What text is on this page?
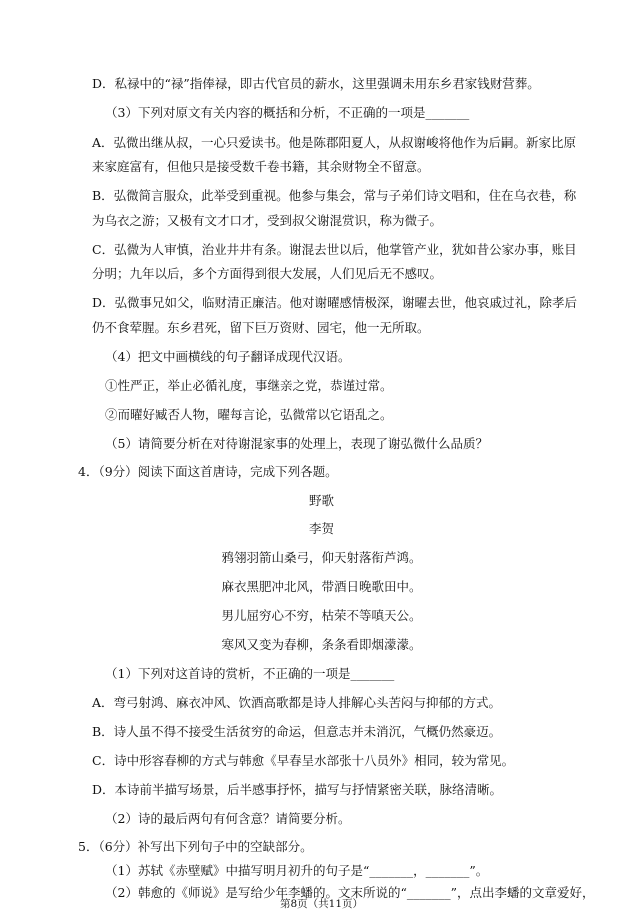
D．私禄中的“禄”指俸禄，即古代官员的薪水，这里强调未用东乡君家钱财营葬。
（3）下列对原文有关内容的概括和分析，不正确的一项是_______
A．弘微出继从叔，一心只爱读书。他是陈郡阳夏人，从叔谢峻将他作为后嗣。新家比原
来家庭富有，但他只是接受数千卷书籍，其余财物全不留意。
B．弘微简言服众，此举受到重视。他参与集会，常与子弟们诗文唱和，住在乌衣巷，称
为乌衣之游；又极有文才口才，受到叔父谢混赏识，称为微子。
C．弘微为人审慎，治业井井有条。谢混去世以后，他掌管产业，犹如昔公家办事，账目
分明；九年以后，多个方面得到很大发展，人们见后无不感叹。
D．弘微事兄如父，临财清正廉洁。他对谢曜感情极深，谢曜去世，他哀戚过礼，除孝后
仍不食荤腥。东乡君死，留下巨万资财、园宅，他一无所取。
（4）把文中画横线的句子翻译成现代汉语。
①性严正，举止必循礼度，事继亲之党，恭谨过常。
②而曜好臧否人物，曜每言论，弘微常以它语乱之。
（5）请简要分析在对待谢混家事的处理上，表现了谢弘微什么品质？
4．（9分）阅读下面这首唐诗，完成下列各题。
野歌
李贺
鸦翎羽箭山桑弓，仰天射落衔芦鸿。
麻衣黑肥冲北风，带酒日晚歌田中。
男儿屈穷心不穷，枯荣不等嗔天公。
寒风又变为春柳，条条看即烟濛濛。
（1）下列对这首诗的赏析，不正确的一项是_______
A．弯弓射鸿、麻衣冲风、饮酒高歌都是诗人排解心头苦闷与抑郁的方式。
B．诗人虽不得不接受生活贫穷的命运，但意志并未消沉，气概仍然豪迈。
C．诗中形容春柳的方式与韩愈《早春呈水部张十八员外》相同，较为常见。
D．本诗前半描写场景，后半感事抒怀，描写与抒情紧密关联，脉络清晰。
（2）诗的最后两句有何含意？请简要分析。
5．（6分）补写出下列句子中的空缺部分。
（1）苏轼《赤壁赋》中描写明月初升的句子是“_______，_______”。
（2）韩愈的《师说》是写给少年李蟠的。文末所说的“_______”，点出李蟠的文章爱好，
第8页（共11页）
